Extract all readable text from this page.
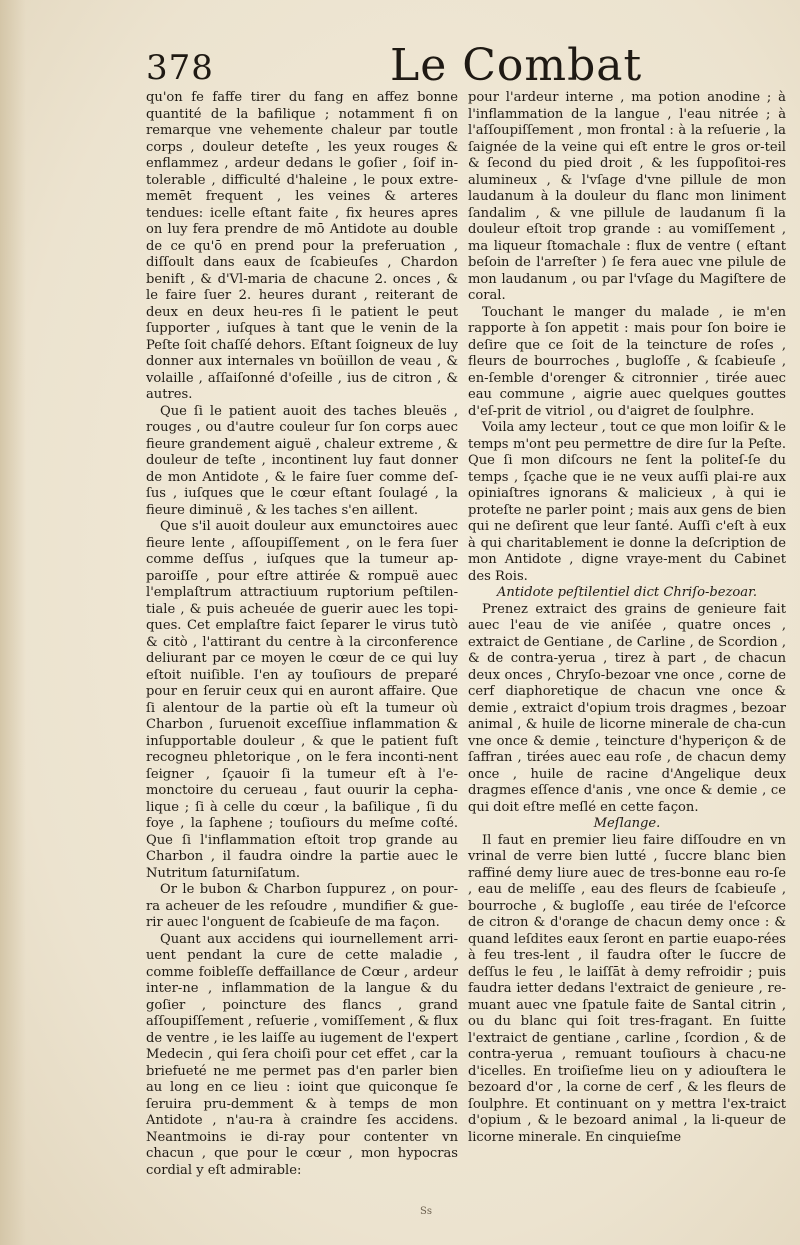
378	Le Combat

qu'on fe faffe tirer du fang en affez bonne quantité de la bafilique ; notamment fi on remarque vne vehemente chaleur par toutle corps , douleur deteſte , les yeux rouges & enflammez , ardeur dedans le goſier , ſoif in-tolerable , difficulté d'haleine , le poux extre-memēt frequent , les veines & arteres tendues: icelle eſtant faite , fix heures apres on luy fera prendre de mō Antidote au double de ce qu'ō en prend pour la preferuation , diſſoult dans eaux de ſcabieuſes , Chardon benift , & d'Vl-maria de chacune 2. onces , & le faire ſuer 2. heures durant , reiterant de deux en deux heu-res ſi le patient le peut ſupporter , iuſques à tant que le venin de la Peſte ſoit chaſſé dehors. Eſtant ſoigneux de luy donner aux internales vn boüillon de veau , & volaille , aſſaiſonné d'oſeille , ius de citron , & autres.

Que ſi le patient auoit des taches bleuës , rouges , ou d'autre couleur ſur ſon corps auec fieure grandement aiguë , chaleur extreme , & douleur de teſte , incontinent luy faut donner de mon Antidote , & le faire ſuer comme deſ-ſus , iuſques que le cœur eſtant ſoulagé , la fieure diminuë , & les taches s'en aillent.

Que s'il auoit douleur aux emunctoires auec fieure lente , aſſoupiſſement , on le fera ſuer comme deſſus , iuſques que la tumeur ap-paroiſſe , pour eſtre attirée & rompuë auec l'emplaſtrum attractiuum ruptorium peſtilen-tiale , & puis acheuée de guerir auec les topi-ques. Cet emplaſtre faict ſeparer le virus tutò & citò , l'attirant du centre à la circonference deliurant par ce moyen le cœur de ce qui luy eſtoit nuiſible. I'en ay touſiours de preparé pour en ſeruir ceux qui en auront affaire. Que ſi alentour de la partie où eſt la tumeur où Charbon , ſuruenoit exceſſiue inflammation & inſupportable douleur , & que le patient fuſt recogneu phletorique , on le fera inconti-nent ſeigner , ſçauoir ſi la tumeur eſt à l'e-monctoire du cerueau , faut ouurir la cepha-lique ; ſi à celle du cœur , la baſilique , ſi du foye , la ſaphene ; touſiours du meſme coſté. Que ſi l'inflammation eſtoit trop grande au Charbon , il faudra oindre la partie auec le Nutritum ſaturniſatum.

Or le bubon & Charbon ſuppurez , on pour-ra acheuer de les reſoudre , mundifier & gue-rir auec l'onguent de ſcabieuſe de ma façon.

Quant aux accidens qui iournellement arri-uent pendant la cure de cette maladie , comme foibleſſe deffaillance de Cœur , ardeur inter-ne , inflammation de la langue & du goſier , poincture des flancs , grand aſſoupiſſement , reſuerie , vomiſſement , & flux de ventre , ie les laiſſe au iugement de l'expert Medecin , qui ſera choiſi pour cet effet , car la briefueté ne me permet pas d'en parler bien au long en ce lieu : ioint que quiconque ſe ſeruira pru-demment & à temps de mon Antidote , n'au-ra à craindre ſes accidens. Neantmoins ie di-ray pour contenter vn chacun , que pour le cœur , mon hypocras cordial y eſt admirable:

pour l'ardeur interne , ma potion anodine ; à l'inflammation de la langue , l'eau nitrée ; à l'aſſoupiſſement , mon frontal : à la reſuerie , la ſaignée de la veine qui eſt entre le gros or-teil & ſecond du pied droit , & les ſuppoſitoi-res alumineux , & l'vſage d'vne pillule de mon laudanum à la douleur du flanc mon liniment ſandalim , & vne pillule de laudanum ſi la douleur eſtoit trop grande : au vomiſſement , ma liqueur ſtomachale : flux de ventre ( eſtant beſoin de l'arreſter ) ſe fera auec vne pilule de mon laudanum , ou par l'vſage du Magiſtere de coral.

Touchant le manger du malade , ie m'en rapporte à ſon appetit : mais pour ſon boire ie deſire que ce ſoit de la teincture de roſes , fleurs de bourroches , bugloſſe , & ſcabieuſe , en-ſemble d'orenger & citronnier , tirée auec eau commune , aigrie auec quelques gouttes d'eſ-prit de vitriol , ou d'aigret de ſoulphre.

Voila amy lecteur , tout ce que mon loiſir & le temps m'ont peu permettre de dire ſur la Peſte. Que ſi mon diſcours ne ſent la politeſ-ſe du temps , ſçache que ie ne veux auſſi plai-re aux opiniaſtres ignorans & malicieux , à qui ie proteſte ne parler point ; mais aux gens de bien qui ne deſirent que leur ſanté. Auſſi c'eſt à eux à qui charitablement ie donne la deſcription de mon Antidote , digne vraye-ment du Cabinet des Rois.

Antidote peſtilentiel dict Chriſo-bezoar.

Prenez extraict des grains de genieure fait auec l'eau de vie aniſée , quatre onces , extraict de Gentiane , de Carline , de Scordion , & de contra-yerua , tirez à part , de chacun deux onces , Chryſo-bezoar vne once , corne de cerf diaphoretique de chacun vne once & demie , extraict d'opium trois dragmes , bezoar animal , & huile de licorne minerale de cha-cun vne once & demie , teincture d'hyperiçon & de ſaffran , tirées auec eau roſe , de chacun demy once , huile de racine d'Angelique deux dragmes eſſence d'anis , vne once & demie , ce qui doit eſtre meſlé en cette façon.

Meſlange.

Il faut en premier lieu faire diſſoudre en vn vrinal de verre bien lutté , ſuccre blanc bien raffiné demy liure auec de tres-bonne eau ro-ſe , eau de meliſſe , eau des fleurs de ſcabieuſe , bourroche , & bugloſſe , eau tirée de l'eſcorce de citron & d'orange de chacun demy once : & quand leſdites eaux ſeront en partie euapo-rées à feu tres-lent , il faudra oſter le ſuccre de deſſus le feu , le laiſſāt à demy refroidir ; puis faudra ietter dedans l'extraict de genieure , re-muant auec vne ſpatule faite de Santal citrin , ou du blanc qui ſoit tres-fragant. En ſuitte l'extraict de gentiane , carline , ſcordion , & de contra-yerua , remuant touſiours à chacu-ne d'icelles. En troiſieſme lieu on y adiouſtera le bezoard d'or , la corne de cerf , & les fleurs de ſoulphre. Et continuant on y mettra l'ex-traict d'opium , & le bezoard animal , la li-queur de licorne minerale. En cinquieſme

Ss
